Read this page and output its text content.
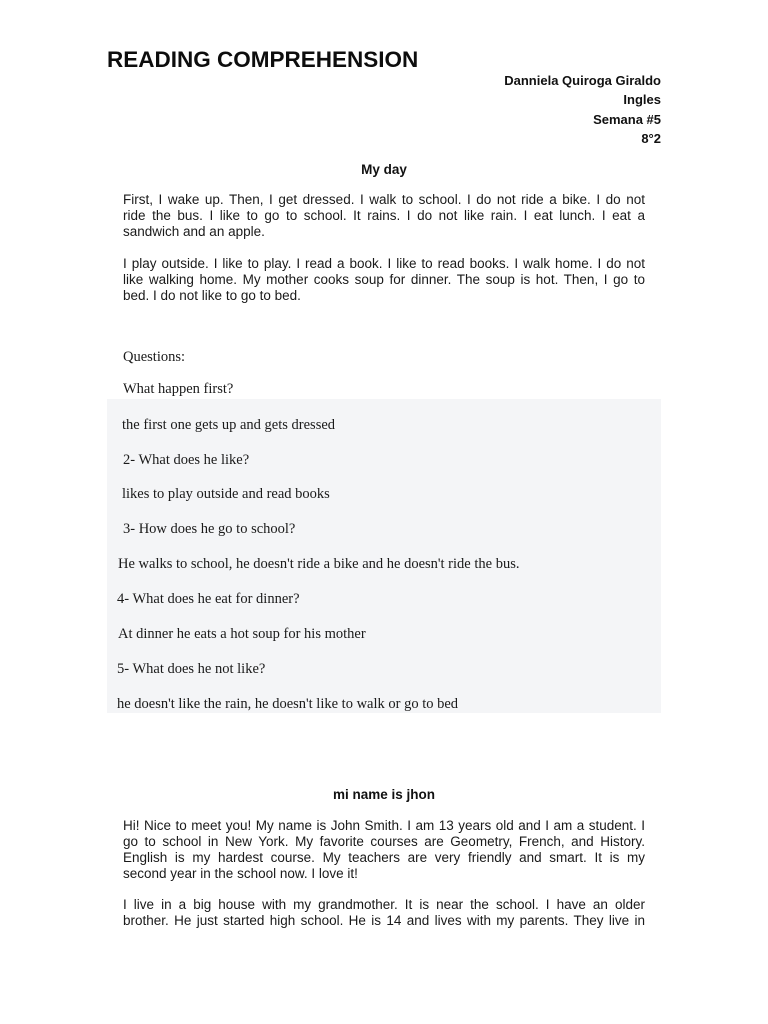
READING COMPREHENSION
Danniela Quiroga Giraldo
Ingles
Semana #5
8°2
My day
First, I wake up. Then, I get dressed. I walk to school. I do not ride a bike. I do not
ride the bus. I like to go to school. It rains. I do not like rain. I eat lunch. I eat a
sandwich and an apple.
I play outside. I like to play. I read a book. I like to read books. I walk home. I do not
like walking home. My mother cooks soup for dinner. The soup is hot. Then, I go to
bed. I do not like to go to bed.
Questions:
What happen first?
the first one gets up and gets dressed
2- What does he like?
likes to play outside and read books
3- How does he go to school?
He walks to school, he doesn't ride a bike and he doesn't ride the bus.
4- What does he eat for dinner?
At dinner he eats a hot soup for his mother
5- What does he not like?
he doesn't like the rain, he doesn't like to walk or go to bed
mi name is jhon
Hi! Nice to meet you! My name is John Smith. I am 13 years old and I am a student. I
go to school in New York. My favorite courses are Geometry, French, and History.
English is my hardest course. My teachers are very friendly and smart. It is my
second year in the school now. I love it!
I live in a big house with my grandmother. It is near the school. I have an older
brother. He just started high school. He is 14 and lives with my parents. They live in
